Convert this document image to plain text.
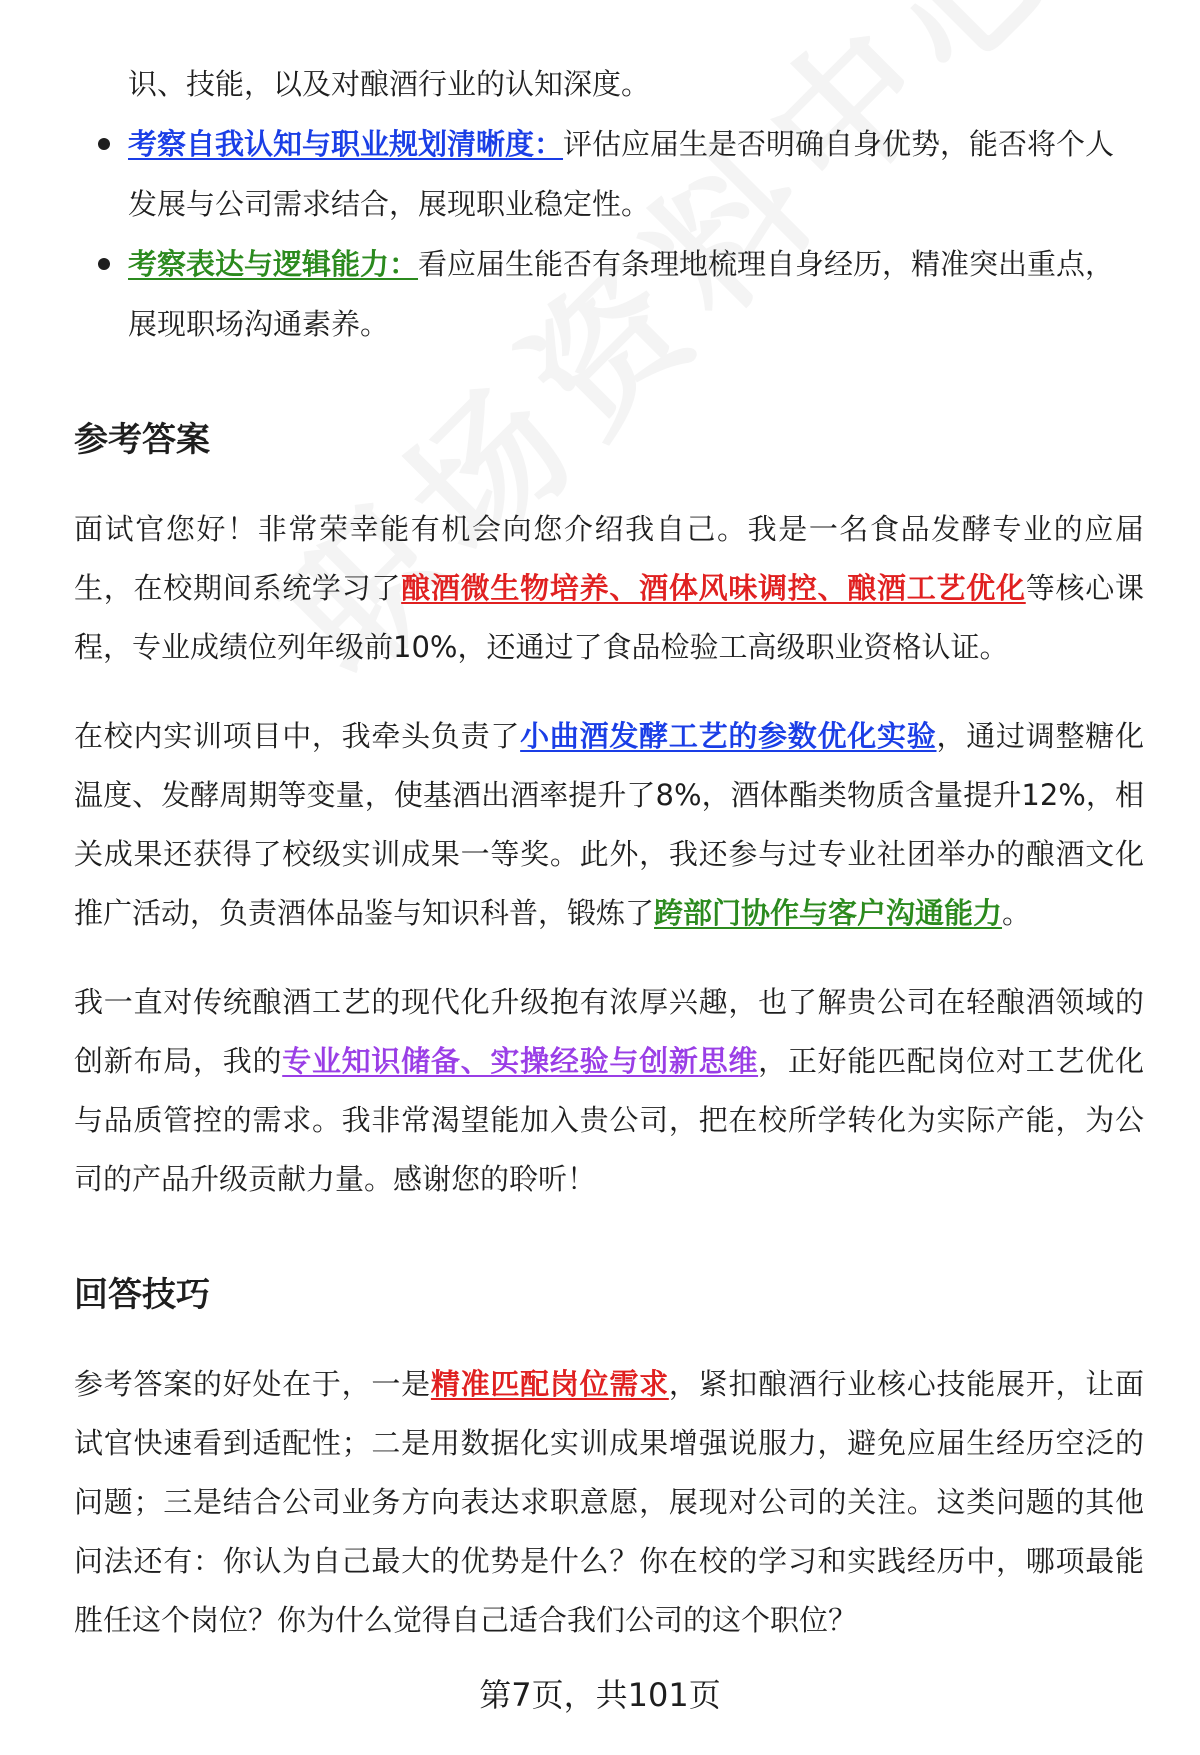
识、技能，以及对酿酒行业的认知深度。

考察自我认知与职业规划清晰度：评估应届生是否明确自身优势，能否将个人
发展与公司需求结合，展现职业稳定性。
考察表达与逻辑能力：看应届生能否有条理地梳理自身经历，精准突出重点，
展现职场沟通素养。
参考答案

面试官您好！非常荣幸能有机会向您介绍我自己。我是一名食品发酵专业的应届生，在校期间系统学习了酿酒微生物培养、酒体风味调控、酿酒工艺优化等核心课程，专业成绩位列年级前10%，还通过了食品检验工高级职业资格认证。

在校内实训项目中，我牵头负责了小曲酒发酵工艺的参数优化实验，通过调整糖化温度、发酵周期等变量，使基酒出酒率提升了8%，酒体酯类物质含量提升12%，相关成果还获得了校级实训成果一等奖。此外，我还参与过专业社团举办的酿酒文化推广活动，负责酒体品鉴与知识科普，锻炼了跨部门协作与客户沟通能力。

我一直对传统酿酒工艺的现代化升级抱有浓厚兴趣，也了解贵公司在轻酿酒领域的创新布局，我的专业知识储备、实操经验与创新思维，正好能匹配岗位对工艺优化与品质管控的需求。我非常渴望能加入贵公司，把在校所学转化为实际产能，为公司的产品升级贡献力量。感谢您的聆听！

回答技巧

参考答案的好处在于，一是精准匹配岗位需求，紧扣酿酒行业核心技能展开，让面试官快速看到适配性；二是用数据化实训成果增强说服力，避免应届生经历空泛的问题；三是结合公司业务方向表达求职意愿，展现对公司的关注。这类问题的其他问法还有：你认为自己最大的优势是什么？你在校的学习和实践经历中，哪项最能胜任这个岗位？你为什么觉得自己适合我们公司的这个职位？

第7页，共101页
